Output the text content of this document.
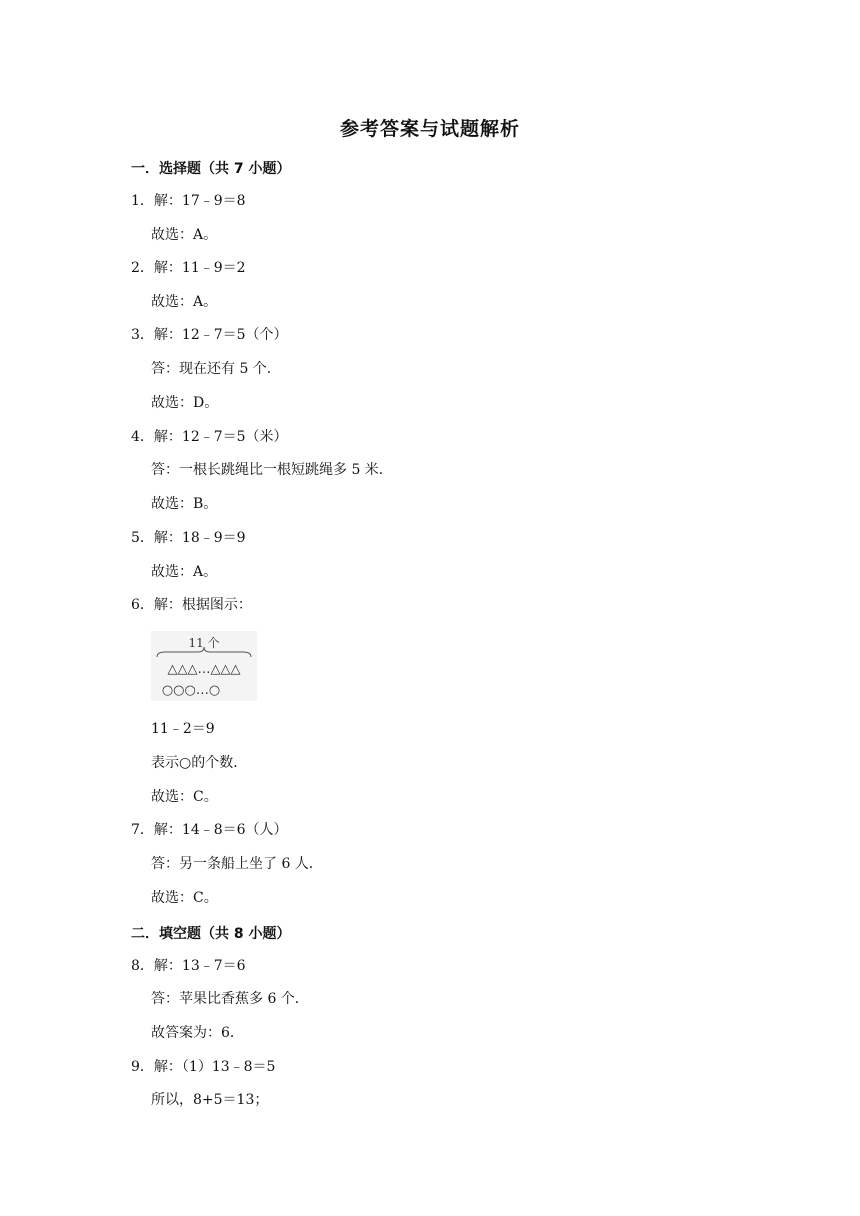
参考答案与试题解析
一．选择题（共 7 小题）
1．解：17﹣9＝8
故选：A。
2．解：11﹣9＝2
故选：A。
3．解：12﹣7＝5（个）
答：现在还有 5 个．
故选：D。
4．解：12﹣7＝5（米）
答：一根长跳绳比一根短跳绳多 5 米．
故选：B。
5．解：18﹣9＝9
故选：A。
6．解：根据图示：
11 个
△△△…△△△
○○○…○
11﹣2＝9
表示○的个数．
故选：C。
7．解：14﹣8＝6（人）
答：另一条船上坐了 6 人．
故选：C。
二．填空题（共 8 小题）
8．解：13﹣7＝6
答：苹果比香蕉多 6 个．
故答案为：6．
9．解：（1）13﹣8＝5
所以，8+5＝13；
